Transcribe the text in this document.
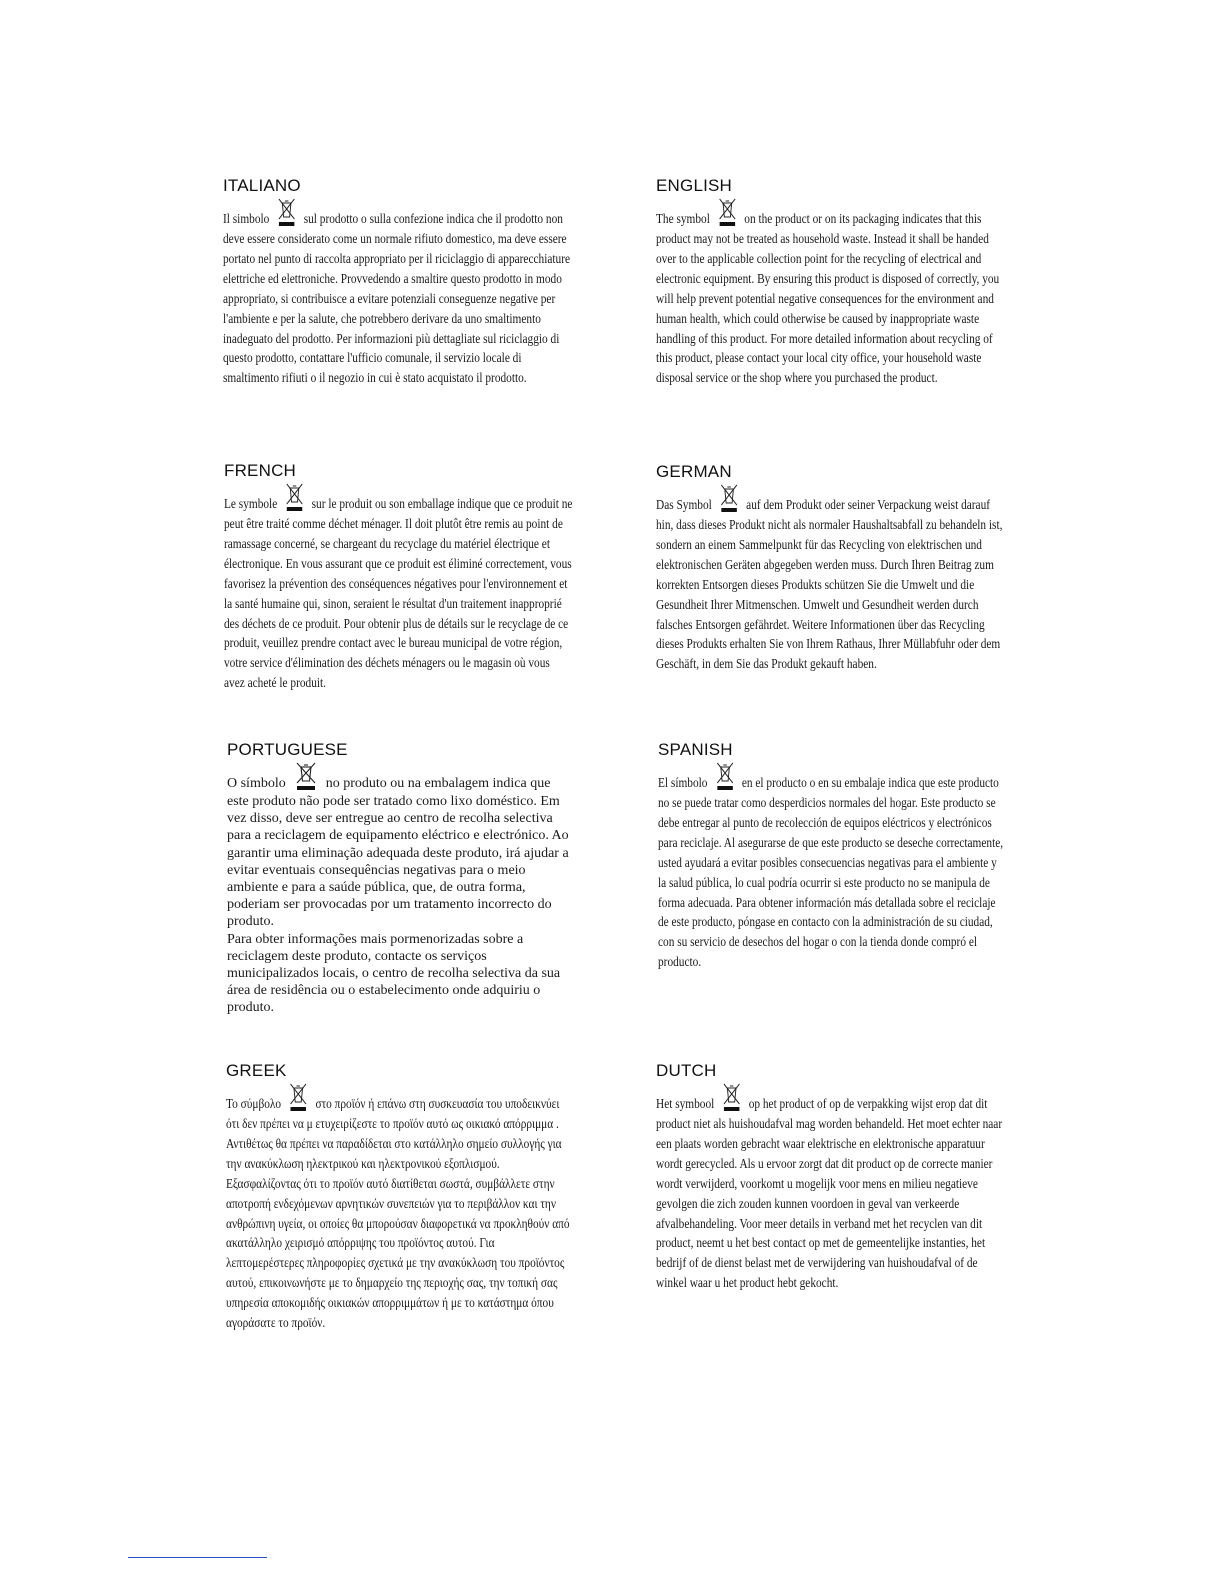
ITALIANO

Il simbolo	sul prodotto o sulla confezione indica che il prodotto non deve essere considerato come un normale rifiuto domestico, ma deve essere portato nel punto di raccolta appropriato per il riciclaggio di apparecchiature elettriche ed elettroniche. Provvedendo a smaltire questo prodotto in modo appropriato, si contribuisce a evitare potenziali conseguenze negative per l'ambiente e per la salute, che potrebbero derivare da uno smaltimento inadeguato del prodotto. Per informazioni più dettagliate sul riciclaggio di questo prodotto, contattare l'ufficio comunale, il servizio locale di smaltimento rifiuti o il negozio in cui è stato acquistato il prodotto.

ENGLISH

The symbol	on the product or on its packaging indicates that this product may not be treated as household waste. Instead it shall be handed over to the applicable collection point for the recycling of electrical and electronic equipment. By ensuring this product is disposed of correctly, you will help prevent potential negative consequences for the environment and human health, which could otherwise be caused by inappropriate waste handling of this product. For more detailed information about recycling of this product, please contact your local city office, your household waste disposal service or the shop where you purchased the product.

FRENCH

Le symbole	sur le produit ou son emballage indique que ce produit ne peut être traité comme déchet ménager. Il doit plutôt être remis au point de ramassage concerné, se chargeant du recyclage du matériel électrique et électronique. En vous assurant que ce produit est éliminé correctement, vous favorisez la prévention des conséquences négatives pour l'environnement et la santé humaine qui, sinon, seraient le résultat d'un traitement inapproprié des déchets de ce produit. Pour obtenir plus de détails sur le recyclage de ce produit, veuillez prendre contact avec le bureau municipal de votre région, votre service d'élimination des déchets ménagers ou le magasin où vous avez acheté le produit.

GERMAN

Das Symbol	auf dem Produkt oder seiner Verpackung weist darauf hin, dass dieses Produkt nicht als normaler Haushaltsabfall zu behandeln ist, sondern an einem Sammelpunkt für das Recycling von elektrischen und elektronischen Geräten abgegeben werden muss. Durch Ihren Beitrag zum korrekten Entsorgen dieses Produkts schützen Sie die Umwelt und die Gesundheit Ihrer Mitmenschen. Umwelt und Gesundheit werden durch falsches Entsorgen gefährdet. Weitere Informationen über das Recycling dieses Produkts erhalten Sie von Ihrem Rathaus, Ihrer Müllabfuhr oder dem Geschäft, in dem Sie das Produkt gekauft haben.

PORTUGUESE

O símbolo	no produto ou na embalagem indica que este produto não pode ser tratado como lixo doméstico. Em vez disso, deve ser entregue ao centro de recolha selectiva para a reciclagem de equipamento eléctrico e electrónico. Ao garantir uma eliminação adequada deste produto, irá ajudar a evitar eventuais consequências negativas para o meio ambiente e para a saúde pública, que, de outra forma, poderiam ser provocadas por um tratamento incorrecto do produto.
Para obter informações mais pormenorizadas sobre a reciclagem deste produto, contacte os serviços municipalizados locais, o centro de recolha selectiva da sua área de residência ou o estabelecimento onde adquiriu o produto.

SPANISH

El símbolo	en el producto o en su embalaje indica que este producto no se puede tratar como desperdicios normales del hogar. Este producto se debe entregar al punto de recolección de equipos eléctricos y electrónicos para reciclaje. Al asegurarse de que este producto se deseche correctamente, usted ayudará a evitar posibles consecuencias negativas para el ambiente y la salud pública, lo cual podría ocurrir si este producto no se manipula de forma adecuada. Para obtener información más detallada sobre el reciclaje de este producto, póngase en contacto con la administración de su ciudad, con su servicio de desechos del hogar o con la tienda donde compró el producto.

GREEK

Το σύμβολο	στο προϊόν ή επάνω στη συσκευασία του υποδεικνύει ότι δεν πρέπει να μ ετυχειρίζεστε το προϊόν αυτό ως οικιακό απόρριμμα . Αντιθέτως θα πρέπει να παραδίδεται στο κατάλληλο σημείο συλλογής για την ανακύκλωση ηλεκτρικού και ηλεκτρονικού εξοπλισμού. Εξασφαλίζοντας ότι το προϊόν αυτό διατίθεται σωστά, συμβάλλετε στην αποτροπή ενδεχόμενων αρνητικών συνεπειών για το περιβάλλον και την ανθρώπινη υγεία, οι οποίες θα μπορούσαν διαφορετικά να προκληθούν από ακατάλληλο χειρισμό απόρριψης του προϊόντος αυτού. Για λεπτομερέστερες πληροφορίες σχετικά με την ανακύκλωση του προϊόντος αυτού, επικοινωνήστε με το δημαρχείο της περιοχής σας, την τοπική σας υπηρεσία αποκομιδής οικιακών απορριμμάτων ή με το κατάστημα όπου αγοράσατε το προϊόν.

DUTCH

Het symbool	op het product of op de verpakking wijst erop dat dit product niet als huishoudafval mag worden behandeld. Het moet echter naar een plaats worden gebracht waar elektrische en elektronische apparatuur wordt gerecycled. Als u ervoor zorgt dat dit product op de correcte manier wordt verwijderd, voorkomt u mogelijk voor mens en milieu negatieve gevolgen die zich zouden kunnen voordoen in geval van verkeerde afvalbehandeling. Voor meer details in verband met het recyclen van dit product, neemt u het best contact op met de gemeentelijke instanties, het bedrijf of de dienst belast met de verwijdering van huishoudafval of de winkel waar u het product hebt gekocht.
